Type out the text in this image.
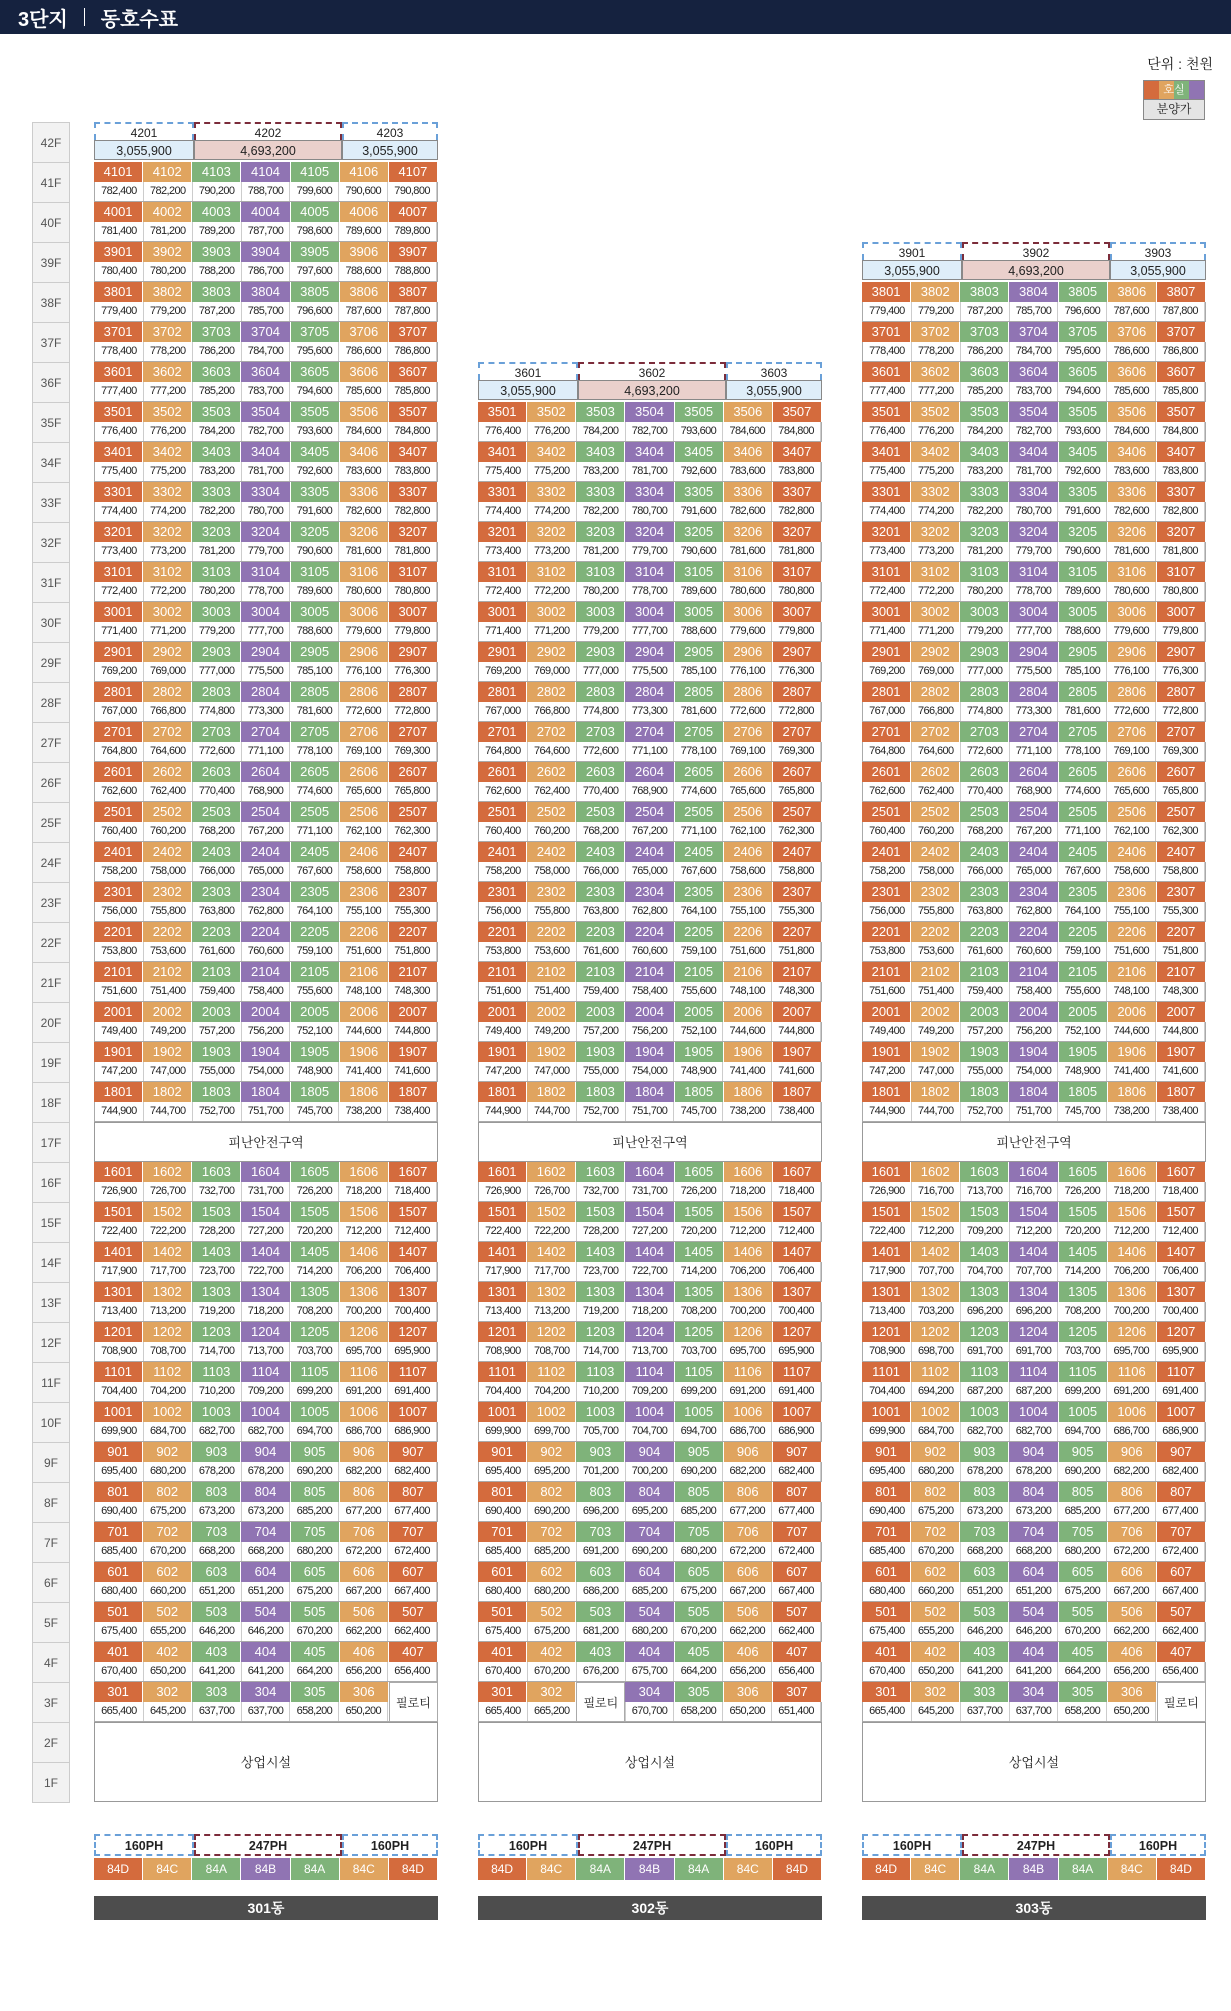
3단지 동호수표
단위 : 천원
호실
분양가
42F
41F
40F
39F
38F
37F
36F
35F
34F
33F
32F
31F
30F
29F
28F
27F
26F
25F
24F
23F
22F
21F
20F
19F
18F
17F
16F
15F
14F
13F
12F
11F
10F
9F
8F
7F
6F
5F
4F
3F
2F
1F
4201	4202	4203
3,055,900	4,693,200	3,055,900
4101	4102	4103	4104	4105	4106	4107
782,400	782,200	790,200	788,700	799,600	790,600	790,800
4001	4002	4003	4004	4005	4006	4007
781,400	781,200	789,200	787,700	798,600	789,600	789,800
3901	3902	3903	3904	3905	3906	3907
780,400	780,200	788,200	786,700	797,600	788,600	788,800
3801	3802	3803	3804	3805	3806	3807
779,400	779,200	787,200	785,700	796,600	787,600	787,800
3701	3702	3703	3704	3705	3706	3707
778,400	778,200	786,200	784,700	795,600	786,600	786,800
3601	3602	3603	3604	3605	3606	3607
777,400	777,200	785,200	783,700	794,600	785,600	785,800
3501	3502	3503	3504	3505	3506	3507
776,400	776,200	784,200	782,700	793,600	784,600	784,800
3401	3402	3403	3404	3405	3406	3407
775,400	775,200	783,200	781,700	792,600	783,600	783,800
3301	3302	3303	3304	3305	3306	3307
774,400	774,200	782,200	780,700	791,600	782,600	782,800
3201	3202	3203	3204	3205	3206	3207
773,400	773,200	781,200	779,700	790,600	781,600	781,800
3101	3102	3103	3104	3105	3106	3107
772,400	772,200	780,200	778,700	789,600	780,600	780,800
3001	3002	3003	3004	3005	3006	3007
771,400	771,200	779,200	777,700	788,600	779,600	779,800
2901	2902	2903	2904	2905	2906	2907
769,200	769,000	777,000	775,500	785,100	776,100	776,300
2801	2802	2803	2804	2805	2806	2807
767,000	766,800	774,800	773,300	781,600	772,600	772,800
2701	2702	2703	2704	2705	2706	2707
764,800	764,600	772,600	771,100	778,100	769,100	769,300
2601	2602	2603	2604	2605	2606	2607
762,600	762,400	770,400	768,900	774,600	765,600	765,800
2501	2502	2503	2504	2505	2506	2507
760,400	760,200	768,200	767,200	771,100	762,100	762,300
2401	2402	2403	2404	2405	2406	2407
758,200	758,000	766,000	765,000	767,600	758,600	758,800
2301	2302	2303	2304	2305	2306	2307
756,000	755,800	763,800	762,800	764,100	755,100	755,300
2201	2202	2203	2204	2205	2206	2207
753,800	753,600	761,600	760,600	759,100	751,600	751,800
2101	2102	2103	2104	2105	2106	2107
751,600	751,400	759,400	758,400	755,600	748,100	748,300
2001	2002	2003	2004	2005	2006	2007
749,400	749,200	757,200	756,200	752,100	744,600	744,800
1901	1902	1903	1904	1905	1906	1907
747,200	747,000	755,000	754,000	748,900	741,400	741,600
1801	1802	1803	1804	1805	1806	1807
744,900	744,700	752,700	751,700	745,700	738,200	738,400
피난안전구역
1601	1602	1603	1604	1605	1606	1607
726,900	726,700	732,700	731,700	726,200	718,200	718,400
1501	1502	1503	1504	1505	1506	1507
722,400	722,200	728,200	727,200	720,200	712,200	712,400
1401	1402	1403	1404	1405	1406	1407
717,900	717,700	723,700	722,700	714,200	706,200	706,400
1301	1302	1303	1304	1305	1306	1307
713,400	713,200	719,200	718,200	708,200	700,200	700,400
1201	1202	1203	1204	1205	1206	1207
708,900	708,700	714,700	713,700	703,700	695,700	695,900
1101	1102	1103	1104	1105	1106	1107
704,400	704,200	710,200	709,200	699,200	691,200	691,400
1001	1002	1003	1004	1005	1006	1007
699,900	684,700	682,700	682,700	694,700	686,700	686,900
901	902	903	904	905	906	907
695,400	680,200	678,200	678,200	690,200	682,200	682,400
801	802	803	804	805	806	807
690,400	675,200	673,200	673,200	685,200	677,200	677,400
701	702	703	704	705	706	707
685,400	670,200	668,200	668,200	680,200	672,200	672,400
601	602	603	604	605	606	607
680,400	660,200	651,200	651,200	675,200	667,200	667,400
501	502	503	504	505	506	507
675,400	655,200	646,200	646,200	670,200	662,200	662,400
401	402	403	404	405	406	407
670,400	650,200	641,200	641,200	664,200	656,200	656,400
301	302	303	304	305	306
665,400	645,200	637,700	637,700	658,200	650,200
필로티
상업시설
160PH	247PH	160PH
84D	84C	84A	84B	84A	84C	84D
301동
3601	3602	3603
3,055,900	4,693,200	3,055,900
3501	3502	3503	3504	3505	3506	3507
776,400	776,200	784,200	782,700	793,600	784,600	784,800
3401	3402	3403	3404	3405	3406	3407
775,400	775,200	783,200	781,700	792,600	783,600	783,800
3301	3302	3303	3304	3305	3306	3307
774,400	774,200	782,200	780,700	791,600	782,600	782,800
3201	3202	3203	3204	3205	3206	3207
773,400	773,200	781,200	779,700	790,600	781,600	781,800
3101	3102	3103	3104	3105	3106	3107
772,400	772,200	780,200	778,700	789,600	780,600	780,800
3001	3002	3003	3004	3005	3006	3007
771,400	771,200	779,200	777,700	788,600	779,600	779,800
2901	2902	2903	2904	2905	2906	2907
769,200	769,000	777,000	775,500	785,100	776,100	776,300
2801	2802	2803	2804	2805	2806	2807
767,000	766,800	774,800	773,300	781,600	772,600	772,800
2701	2702	2703	2704	2705	2706	2707
764,800	764,600	772,600	771,100	778,100	769,100	769,300
2601	2602	2603	2604	2605	2606	2607
762,600	762,400	770,400	768,900	774,600	765,600	765,800
2501	2502	2503	2504	2505	2506	2507
760,400	760,200	768,200	767,200	771,100	762,100	762,300
2401	2402	2403	2404	2405	2406	2407
758,200	758,000	766,000	765,000	767,600	758,600	758,800
2301	2302	2303	2304	2305	2306	2307
756,000	755,800	763,800	762,800	764,100	755,100	755,300
2201	2202	2203	2204	2205	2206	2207
753,800	753,600	761,600	760,600	759,100	751,600	751,800
2101	2102	2103	2104	2105	2106	2107
751,600	751,400	759,400	758,400	755,600	748,100	748,300
2001	2002	2003	2004	2005	2006	2007
749,400	749,200	757,200	756,200	752,100	744,600	744,800
1901	1902	1903	1904	1905	1906	1907
747,200	747,000	755,000	754,000	748,900	741,400	741,600
1801	1802	1803	1804	1805	1806	1807
744,900	744,700	752,700	751,700	745,700	738,200	738,400
피난안전구역
1601	1602	1603	1604	1605	1606	1607
726,900	726,700	732,700	731,700	726,200	718,200	718,400
1501	1502	1503	1504	1505	1506	1507
722,400	722,200	728,200	727,200	720,200	712,200	712,400
1401	1402	1403	1404	1405	1406	1407
717,900	717,700	723,700	722,700	714,200	706,200	706,400
1301	1302	1303	1304	1305	1306	1307
713,400	713,200	719,200	718,200	708,200	700,200	700,400
1201	1202	1203	1204	1205	1206	1207
708,900	708,700	714,700	713,700	703,700	695,700	695,900
1101	1102	1103	1104	1105	1106	1107
704,400	704,200	710,200	709,200	699,200	691,200	691,400
1001	1002	1003	1004	1005	1006	1007
699,900	699,700	705,700	704,700	694,700	686,700	686,900
901	902	903	904	905	906	907
695,400	695,200	701,200	700,200	690,200	682,200	682,400
801	802	803	804	805	806	807
690,400	690,200	696,200	695,200	685,200	677,200	677,400
701	702	703	704	705	706	707
685,400	685,200	691,200	690,200	680,200	672,200	672,400
601	602	603	604	605	606	607
680,400	680,200	686,200	685,200	675,200	667,200	667,400
501	502	503	504	505	506	507
675,400	675,200	681,200	680,200	670,200	662,200	662,400
401	402	403	404	405	406	407
670,400	670,200	676,200	675,700	664,200	656,200	656,400
301	302	304	305	306	307
665,400	665,200	670,700	658,200	650,200	651,400
필로티
상업시설
160PH	247PH	160PH
84D	84C	84A	84B	84A	84C	84D
302동
3901	3902	3903
3,055,900	4,693,200	3,055,900
3801	3802	3803	3804	3805	3806	3807
779,400	779,200	787,200	785,700	796,600	787,600	787,800
3701	3702	3703	3704	3705	3706	3707
778,400	778,200	786,200	784,700	795,600	786,600	786,800
3601	3602	3603	3604	3605	3606	3607
777,400	777,200	785,200	783,700	794,600	785,600	785,800
3501	3502	3503	3504	3505	3506	3507
776,400	776,200	784,200	782,700	793,600	784,600	784,800
3401	3402	3403	3404	3405	3406	3407
775,400	775,200	783,200	781,700	792,600	783,600	783,800
3301	3302	3303	3304	3305	3306	3307
774,400	774,200	782,200	780,700	791,600	782,600	782,800
3201	3202	3203	3204	3205	3206	3207
773,400	773,200	781,200	779,700	790,600	781,600	781,800
3101	3102	3103	3104	3105	3106	3107
772,400	772,200	780,200	778,700	789,600	780,600	780,800
3001	3002	3003	3004	3005	3006	3007
771,400	771,200	779,200	777,700	788,600	779,600	779,800
2901	2902	2903	2904	2905	2906	2907
769,200	769,000	777,000	775,500	785,100	776,100	776,300
2801	2802	2803	2804	2805	2806	2807
767,000	766,800	774,800	773,300	781,600	772,600	772,800
2701	2702	2703	2704	2705	2706	2707
764,800	764,600	772,600	771,100	778,100	769,100	769,300
2601	2602	2603	2604	2605	2606	2607
762,600	762,400	770,400	768,900	774,600	765,600	765,800
2501	2502	2503	2504	2505	2506	2507
760,400	760,200	768,200	767,200	771,100	762,100	762,300
2401	2402	2403	2404	2405	2406	2407
758,200	758,000	766,000	765,000	767,600	758,600	758,800
2301	2302	2303	2304	2305	2306	2307
756,000	755,800	763,800	762,800	764,100	755,100	755,300
2201	2202	2203	2204	2205	2206	2207
753,800	753,600	761,600	760,600	759,100	751,600	751,800
2101	2102	2103	2104	2105	2106	2107
751,600	751,400	759,400	758,400	755,600	748,100	748,300
2001	2002	2003	2004	2005	2006	2007
749,400	749,200	757,200	756,200	752,100	744,600	744,800
1901	1902	1903	1904	1905	1906	1907
747,200	747,000	755,000	754,000	748,900	741,400	741,600
1801	1802	1803	1804	1805	1806	1807
744,900	744,700	752,700	751,700	745,700	738,200	738,400
피난안전구역
1601	1602	1603	1604	1605	1606	1607
726,900	716,700	713,700	716,700	726,200	718,200	718,400
1501	1502	1503	1504	1505	1506	1507
722,400	712,200	709,200	712,200	720,200	712,200	712,400
1401	1402	1403	1404	1405	1406	1407
717,900	707,700	704,700	707,700	714,200	706,200	706,400
1301	1302	1303	1304	1305	1306	1307
713,400	703,200	696,200	696,200	708,200	700,200	700,400
1201	1202	1203	1204	1205	1206	1207
708,900	698,700	691,700	691,700	703,700	695,700	695,900
1101	1102	1103	1104	1105	1106	1107
704,400	694,200	687,200	687,200	699,200	691,200	691,400
1001	1002	1003	1004	1005	1006	1007
699,900	684,700	682,700	682,700	694,700	686,700	686,900
901	902	903	904	905	906	907
695,400	680,200	678,200	678,200	690,200	682,200	682,400
801	802	803	804	805	806	807
690,400	675,200	673,200	673,200	685,200	677,200	677,400
701	702	703	704	705	706	707
685,400	670,200	668,200	668,200	680,200	672,200	672,400
601	602	603	604	605	606	607
680,400	660,200	651,200	651,200	675,200	667,200	667,400
501	502	503	504	505	506	507
675,400	655,200	646,200	646,200	670,200	662,200	662,400
401	402	403	404	405	406	407
670,400	650,200	641,200	641,200	664,200	656,200	656,400
301	302	303	304	305	306
665,400	645,200	637,700	637,700	658,200	650,200
필로티
상업시설
160PH	247PH	160PH
84D	84C	84A	84B	84A	84C	84D
303동
